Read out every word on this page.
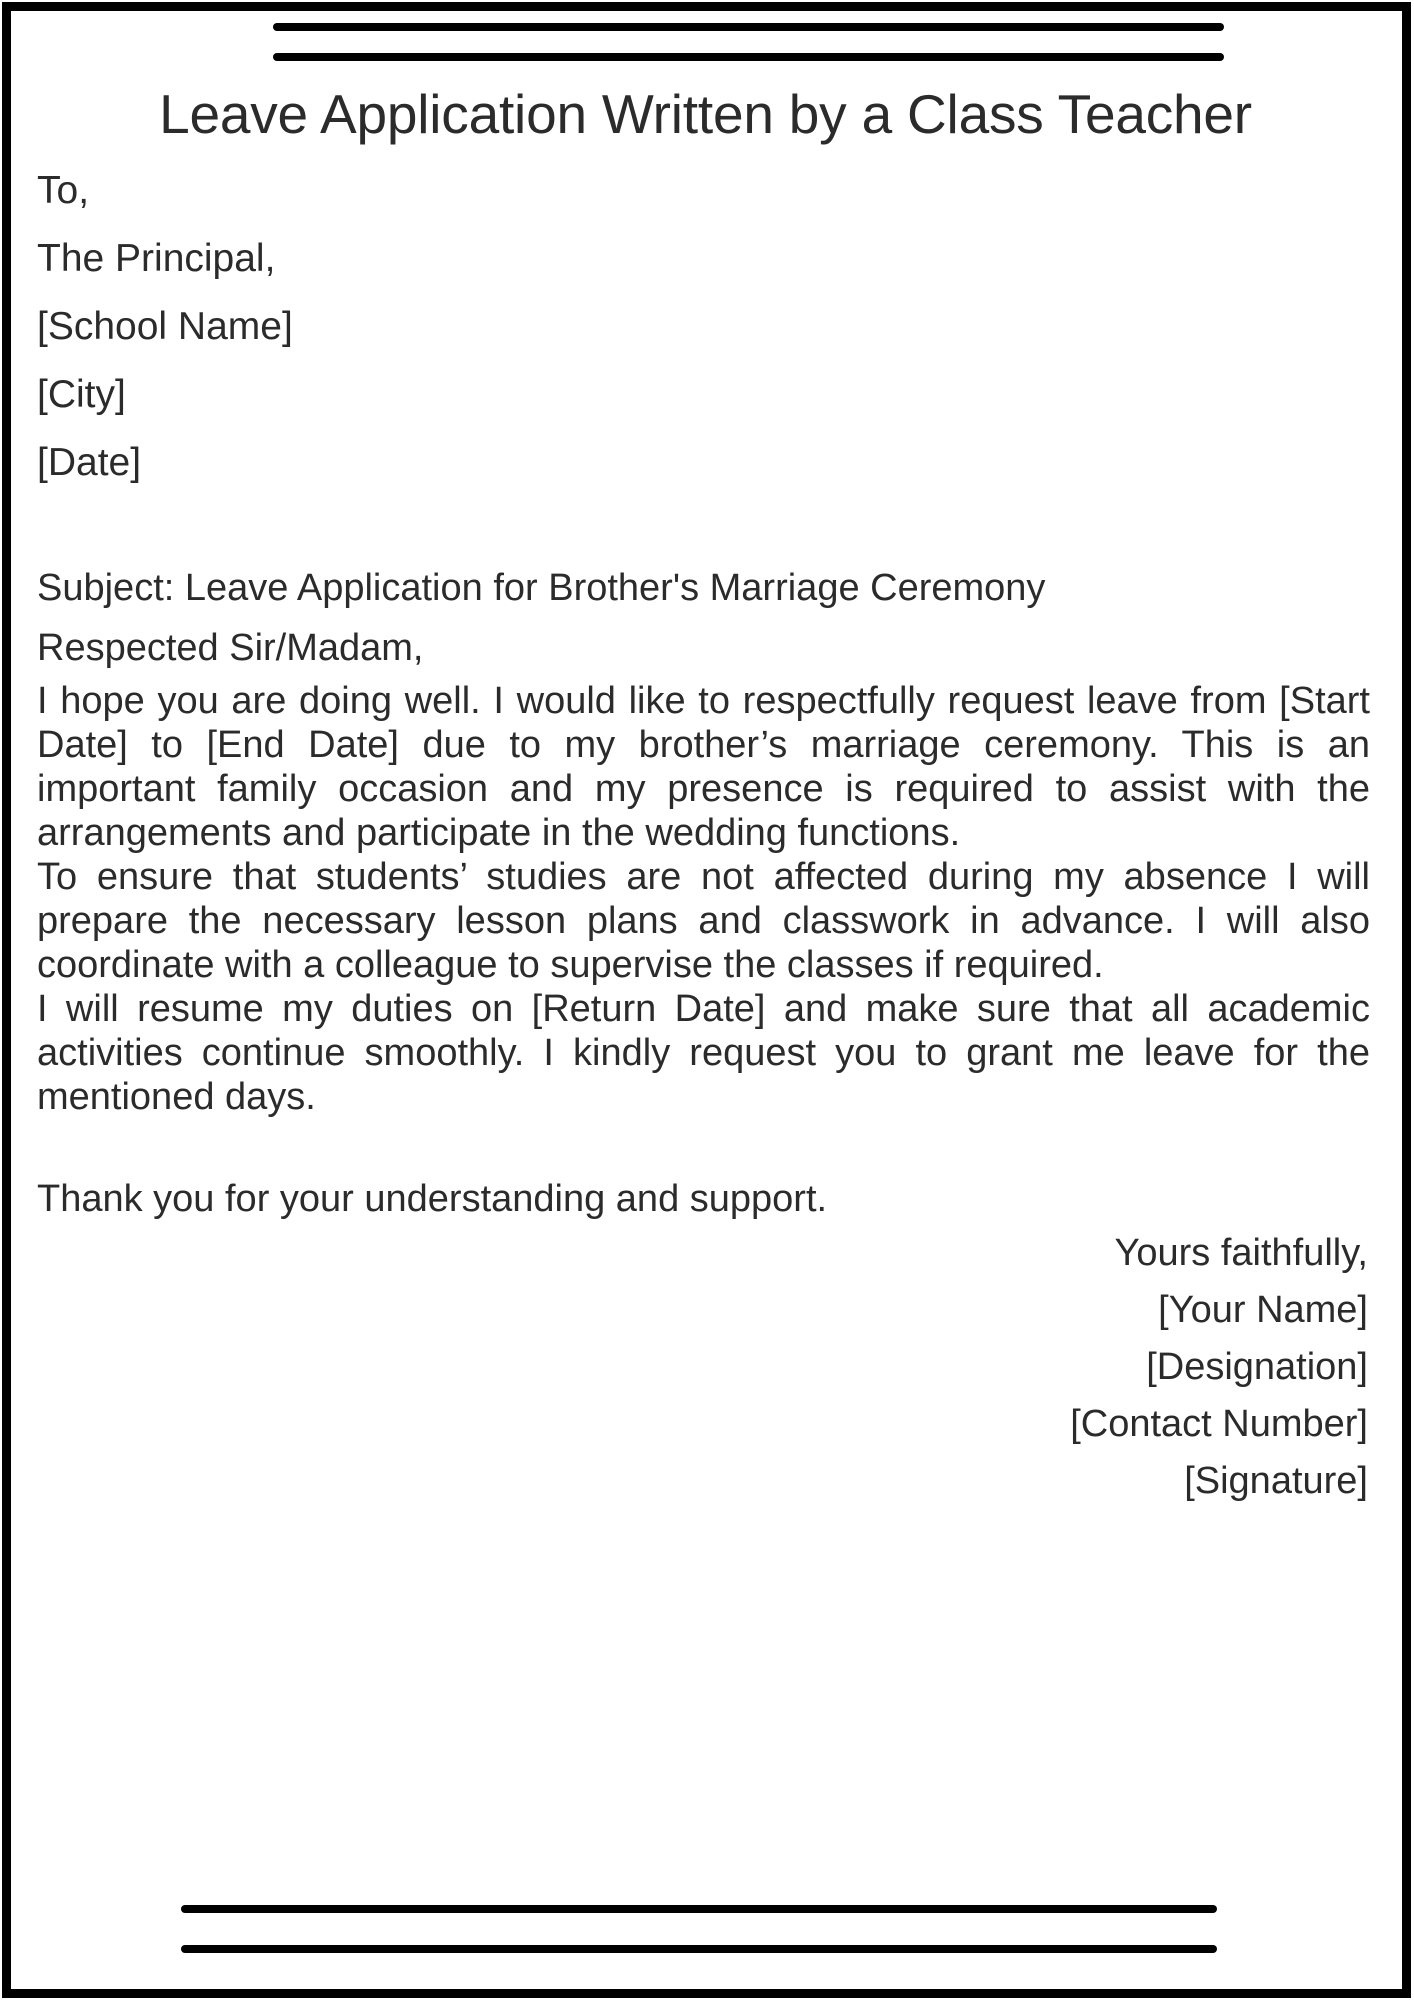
Leave Application Written by a Class Teacher
To,
The Principal,
[School Name]
[City]
[Date]
Subject: Leave Application for Brother's Marriage Ceremony
Respected Sir/Madam,

I hope you are doing well. I would like to respectfully request leave from [Start Date] to [End Date] due to my brother’s marriage ceremony. This is an important family occasion and my presence is required to assist with the arrangements and participate in the wedding functions.

To ensure that students’ studies are not affected during my absence I will prepare the necessary lesson plans and classwork in advance. I will also coordinate with a colleague to supervise the classes if required.

I will resume my duties on [Return Date] and make sure that all academic activities continue smoothly. I kindly request you to grant me leave for the mentioned days.

Thank you for your understanding and support.
Yours faithfully,
[Your Name]
[Designation]
[Contact Number]
[Signature]
